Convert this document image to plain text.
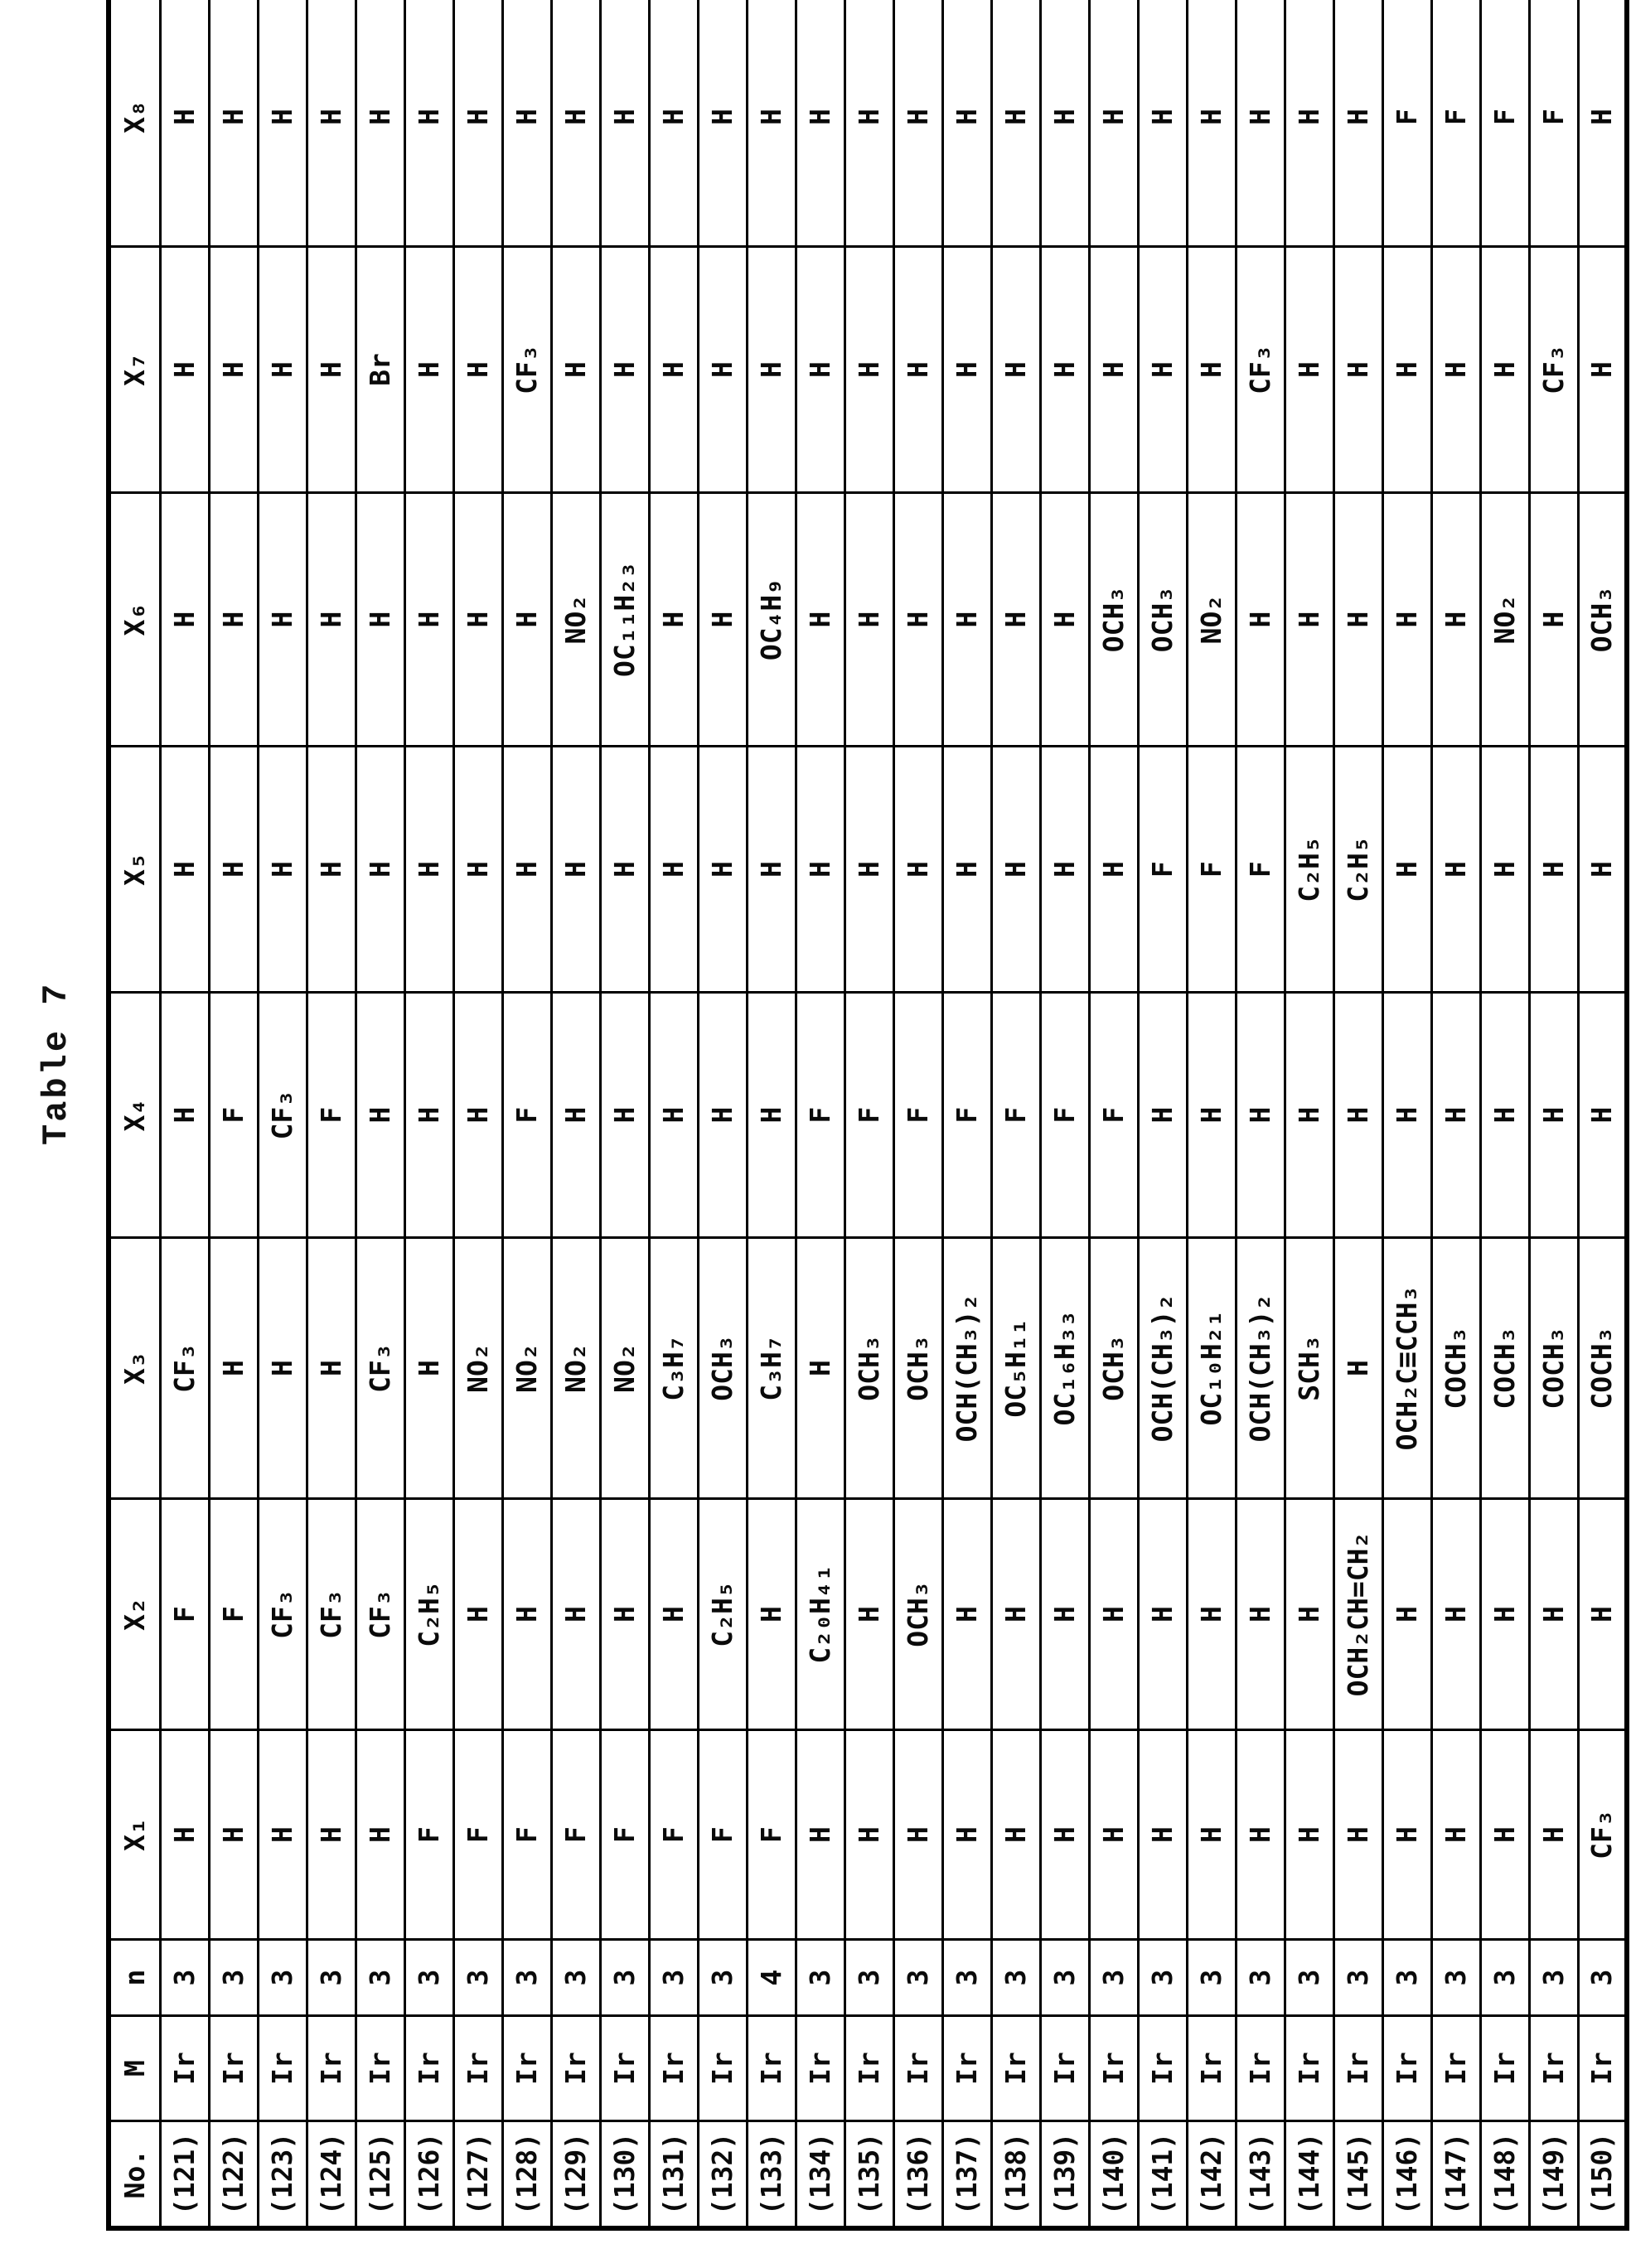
Table 7
No.	M	n	X₁	X₂	X₃	X₄	X₅	X₆	X₇	X₈
(121)	Ir	3	H	F	CF₃	H	H	H	H	H
(122)	Ir	3	H	F	H	F	H	H	H	H
(123)	Ir	3	H	CF₃	H	CF₃	H	H	H	H
(124)	Ir	3	H	CF₃	H	F	H	H	H	H
(125)	Ir	3	H	CF₃	CF₃	H	H	H	Br	H
(126)	Ir	3	F	C₂H₅	H	H	H	H	H	H
(127)	Ir	3	F	H	NO₂	H	H	H	H	H
(128)	Ir	3	F	H	NO₂	F	H	H	CF₃	H
(129)	Ir	3	F	H	NO₂	H	H	NO₂	H	H
(130)	Ir	3	F	H	NO₂	H	H	OC₁₁H₂₃	H	H
(131)	Ir	3	F	H	C₃H₇	H	H	H	H	H
(132)	Ir	3	F	C₂H₅	OCH₃	H	H	H	H	H
(133)	Ir	4	F	H	C₃H₇	H	H	OC₄H₉	H	H
(134)	Ir	3	H	C₂₀H₄₁	H	F	H	H	H	H
(135)	Ir	3	H	H	OCH₃	F	H	H	H	H
(136)	Ir	3	H	OCH₃	OCH₃	F	H	H	H	H
(137)	Ir	3	H	H	OCH(CH₃)₂	F	H	H	H	H
(138)	Ir	3	H	H	OC₅H₁₁	F	H	H	H	H
(139)	Ir	3	H	H	OC₁₆H₃₃	F	H	H	H	H
(140)	Ir	3	H	H	OCH₃	F	H	OCH₃	H	H
(141)	Ir	3	H	H	OCH(CH₃)₂	H	F	OCH₃	H	H
(142)	Ir	3	H	H	OC₁₀H₂₁	H	F	NO₂	H	H
(143)	Ir	3	H	H	OCH(CH₃)₂	H	F	H	CF₃	H
(144)	Ir	3	H	H	SCH₃	H	C₂H₅	H	H	H
(145)	Ir	3	H	OCH₂CH=CH₂	H	H	C₂H₅	H	H	H
(146)	Ir	3	H	H	OCH₂C≡CCH₃	H	H	H	H	F
(147)	Ir	3	H	H	COCH₃	H	H	H	H	F
(148)	Ir	3	H	H	COCH₃	H	H	NO₂	H	F
(149)	Ir	3	H	H	COCH₃	H	H	H	CF₃	F
(150)	Ir	3	CF₃	H	COCH₃	H	H	OCH₃	H	H
